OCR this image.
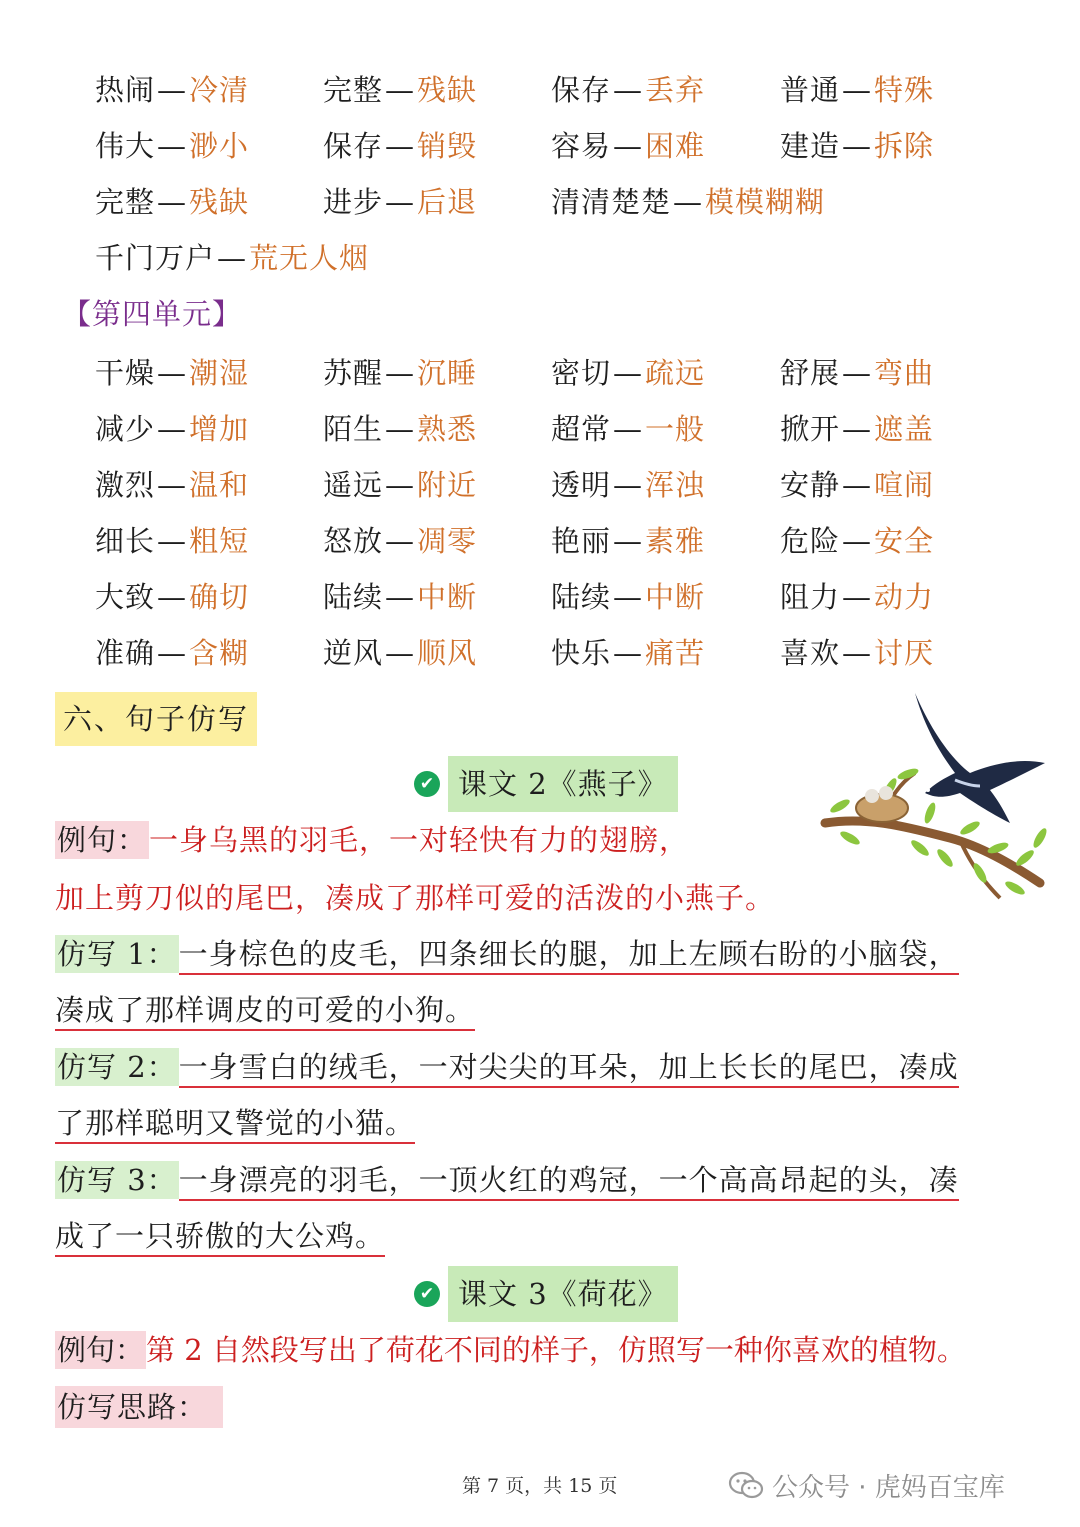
热闹—冷清	完整—残缺	保存—丢弃	普通—特殊
伟大—渺小	保存—销毁	容易—困难	建造—拆除
完整—残缺	进步—后退	清清楚楚—模模糊糊
千门万户—荒无人烟
【第四单元】
干燥—潮湿	苏醒—沉睡	密切—疏远	舒展—弯曲
减少—增加	陌生—熟悉	超常—一般	掀开—遮盖
激烈—温和	遥远—附近	透明—浑浊	安静—喧闹
细长—粗短	怒放—凋零	艳丽—素雅	危险—安全
大致—确切	陆续—中断	陆续—中断	阻力—动力
准确—含糊	逆风—顺风	快乐—痛苦	喜欢—讨厌
六、句子仿写
✔ 课文 2《燕子》
例句：一身乌黑的羽毛，一对轻快有力的翅膀，
加上剪刀似的尾巴，凑成了那样可爱的活泼的小燕子。
仿写 1：一身棕色的皮毛，四条细长的腿，加上左顾右盼的小脑袋，
凑成了那样调皮的可爱的小狗。
仿写 2：一身雪白的绒毛，一对尖尖的耳朵，加上长长的尾巴，凑成
了那样聪明又警觉的小猫。
仿写 3：一身漂亮的羽毛，一顶火红的鸡冠，一个高高昂起的头，凑
成了一只骄傲的大公鸡。
✔ 课文 3《荷花》
例句：第 2 自然段写出了荷花不同的样子，仿照写一种你喜欢的植物。
仿写思路：
第 7 页，共 15 页	公众号 · 虎妈百宝库
